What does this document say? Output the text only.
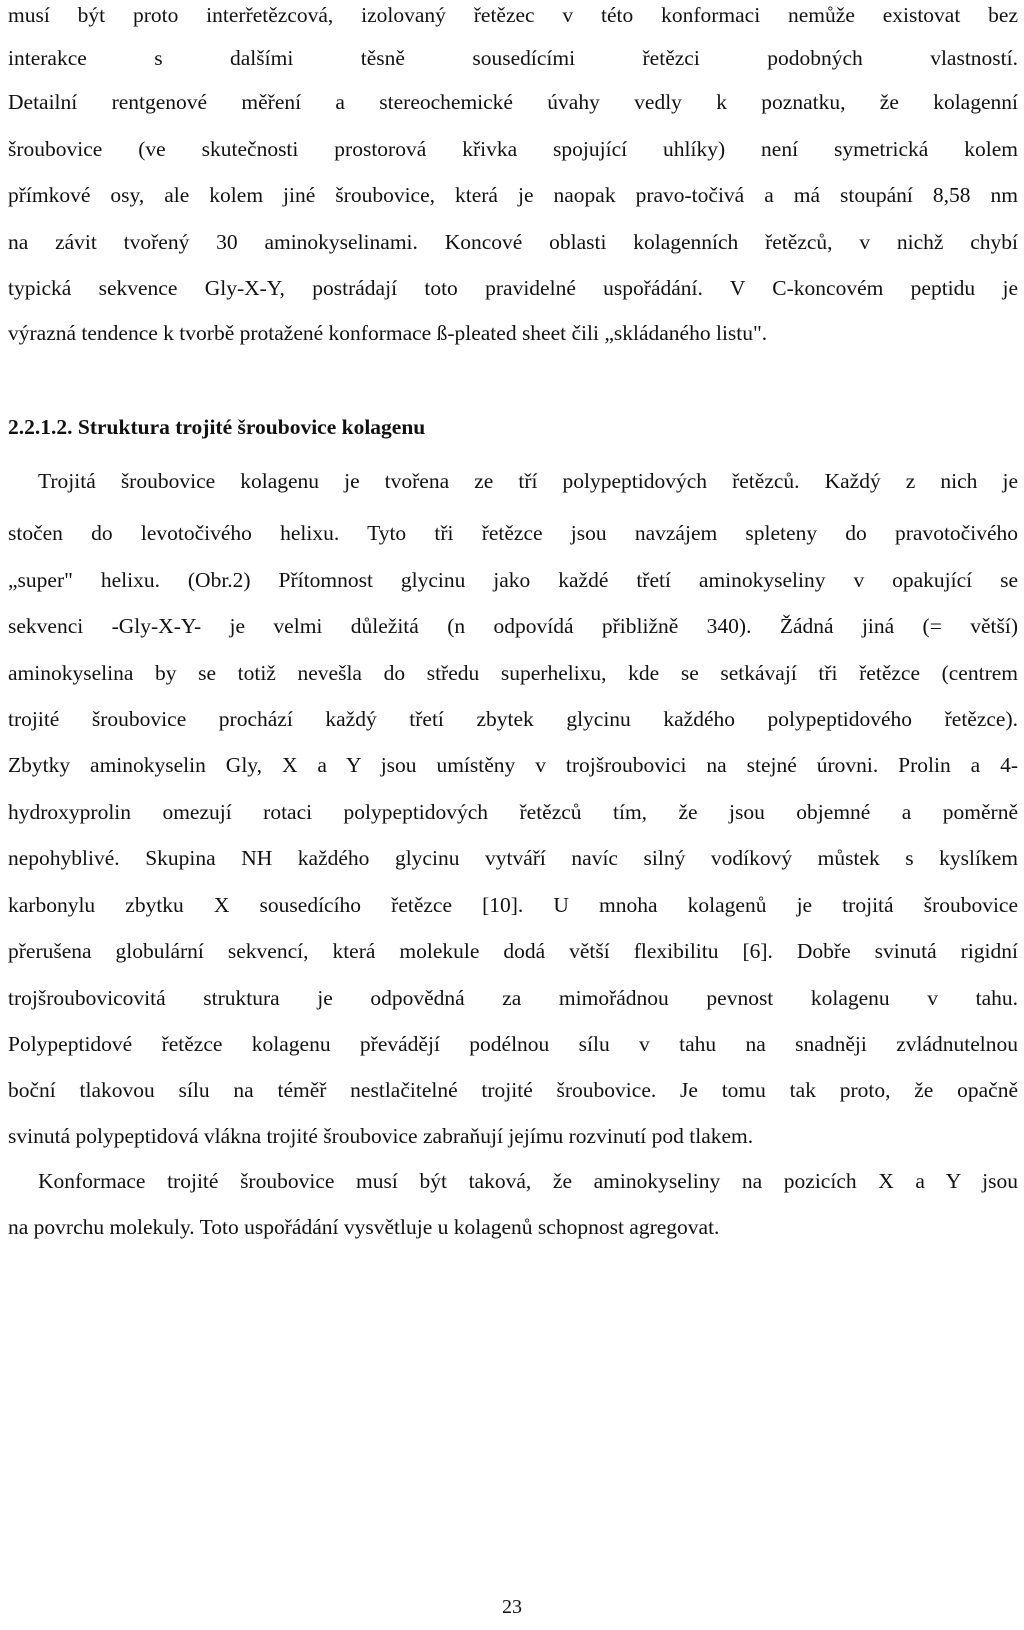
musí být proto interřetězcová, izolovaný řetězec v této konformaci nemůže existovat bez
interakce s dalšími těsně sousedícími řetězci podobných vlastností.
Detailní rentgenové měření a stereochemické úvahy vedly k poznatku, že kolagenní
šroubovice (ve skutečnosti prostorová křivka spojující uhlíky) není symetrická kolem
přímkové osy, ale kolem jiné šroubovice, která je naopak pravo-točivá a má stoupání 8,58 nm
na závit tvořený 30 aminokyselinami. Koncové oblasti kolagenních řetězců, v nichž chybí
typická sekvence Gly-X-Y, postrádají toto pravidelné uspořádání. V C-koncovém peptidu je
výrazná tendence k tvorbě protažené konformace ß-pleated sheet čili „skládaného listu".
2.2.1.2. Struktura trojité šroubovice kolagenu
Trojitá šroubovice kolagenu je tvořena ze tří polypeptidových řetězců. Každý z nich je
stočen do levotočivého helixu. Tyto tři řetězce jsou navzájem spleteny do pravotočivého
„super" helixu. (Obr.2) Přítomnost glycinu jako každé třetí aminokyseliny v opakující se
sekvenci -Gly-X-Y- je velmi důležitá (n odpovídá přibližně 340). Žádná jiná (= větší)
aminokyselina by se totiž nevešla do středu superhelixu, kde se setkávají tři řetězce (centrem
trojité šroubovice prochází každý třetí zbytek glycinu každého polypeptidového řetězce).
Zbytky aminokyselin Gly, X a Y jsou umístěny v trojšroubovici na stejné úrovni. Prolin a 4-
hydroxyprolin omezují rotaci polypeptidových řetězců tím, že jsou objemné a poměrně
nepohyblivé. Skupina NH každého glycinu vytváří navíc silný vodíkový můstek s kyslíkem
karbonylu zbytku X sousedícího řetězce [10]. U mnoha kolagenů je trojitá šroubovice
přerušena globulární sekvencí, která molekule dodá větší flexibilitu [6]. Dobře svinutá rigidní
trojšroubovicovitá struktura je odpovědná za mimořádnou pevnost kolagenu v tahu.
Polypeptidové řetězce kolagenu převádějí podélnou sílu v tahu na snadněji zvládnutelnou
boční tlakovou sílu na téměř nestlačitelné trojité šroubovice. Je tomu tak proto, že opačně
svinutá polypeptidová vlákna trojité šroubovice zabraňují jejímu rozvinutí pod tlakem.
Konformace trojité šroubovice musí být taková, že aminokyseliny na pozicích X a Y jsou
na povrchu molekuly. Toto uspořádání vysvětluje u kolagenů schopnost agregovat.
23
